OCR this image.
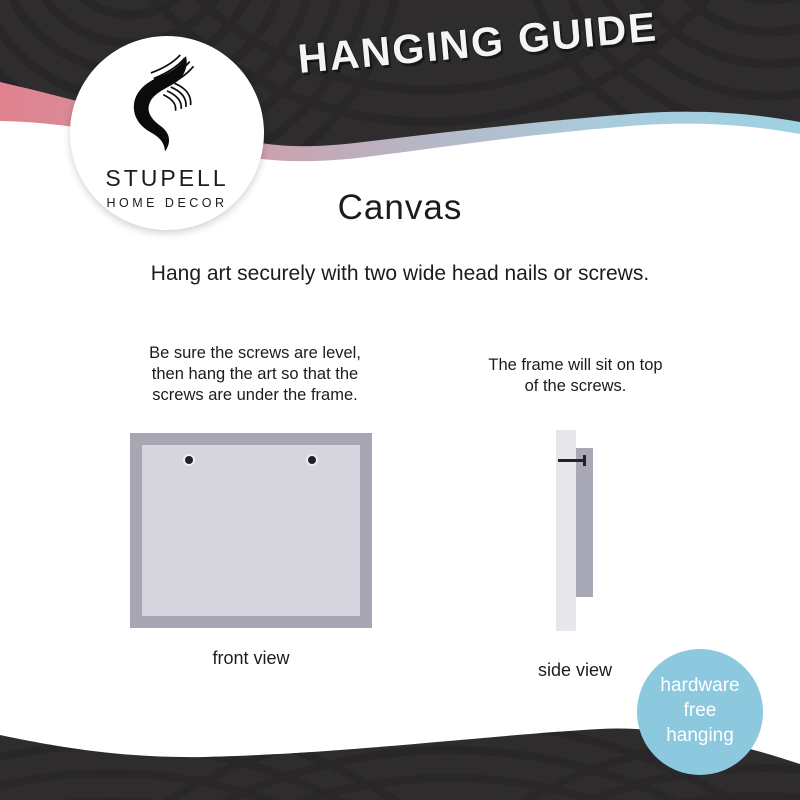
HANGING GUIDE
STUPELL
HOME DECOR	Canvas
Hang art securely with two wide head nails or screws.
Be sure the screws are level,
then hang the art so that the
screws are under the frame.
The frame will sit on top
of the screws.
front view
side view
hardware
free
hanging
